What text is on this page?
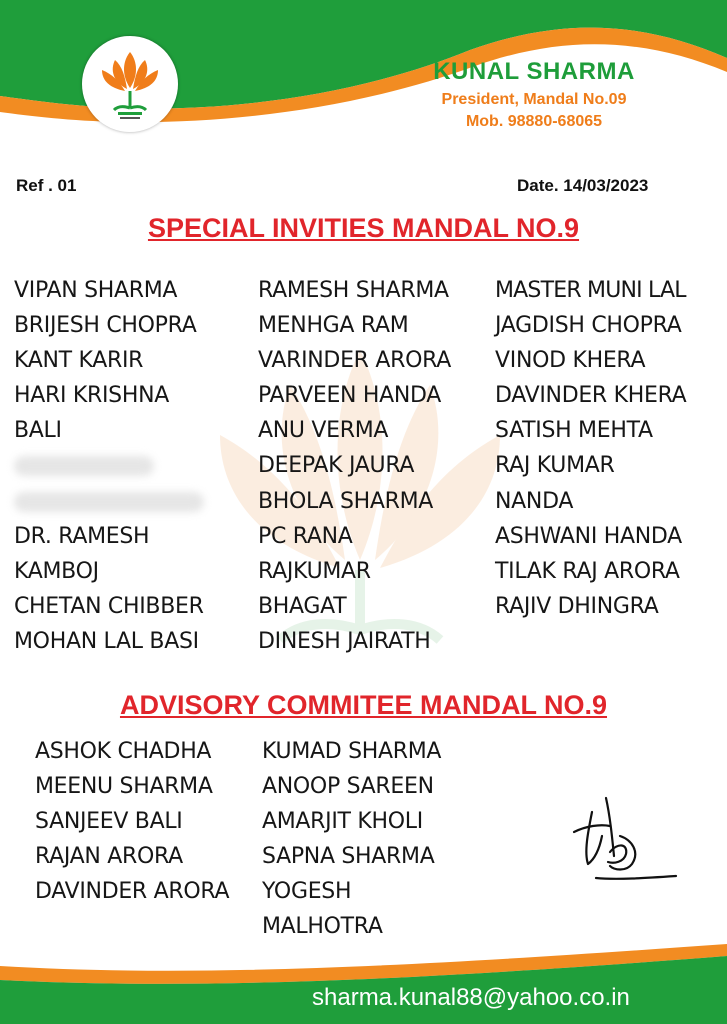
KUNAL SHARMA
President, Mandal No.09
Mob. 98880-68065
Ref . 01	Date. 14/03/2023
SPECIAL INVITIES MANDAL NO.9
VIPAN SHARMA
BRIJESH CHOPRA
KANT KARIR
HARI KRISHNA
BALI
DR. RAMESH
KAMBOJ
CHETAN CHIBBER
MOHAN LAL BASI
RAMESH SHARMA
MENHGA RAM
VARINDER ARORA
PARVEEN HANDA
ANU VERMA
DEEPAK JAURA
BHOLA SHARMA
PC RANA
RAJKUMAR
BHAGAT
DINESH JAIRATH
MASTER MUNI LAL
JAGDISH CHOPRA
VINOD KHERA
DAVINDER KHERA
SATISH MEHTA
RAJ KUMAR
NANDA
ASHWANI HANDA
TILAK RAJ ARORA
RAJIV DHINGRA
ADVISORY COMMITEE MANDAL NO.9
ASHOK CHADHA
MEENU SHARMA
SANJEEV BALI
RAJAN ARORA
DAVINDER ARORA
KUMAD SHARMA
ANOOP SAREEN
AMARJIT KHOLI
SAPNA SHARMA
YOGESH
MALHOTRA
sharma.kunal88@yahoo.co.in
